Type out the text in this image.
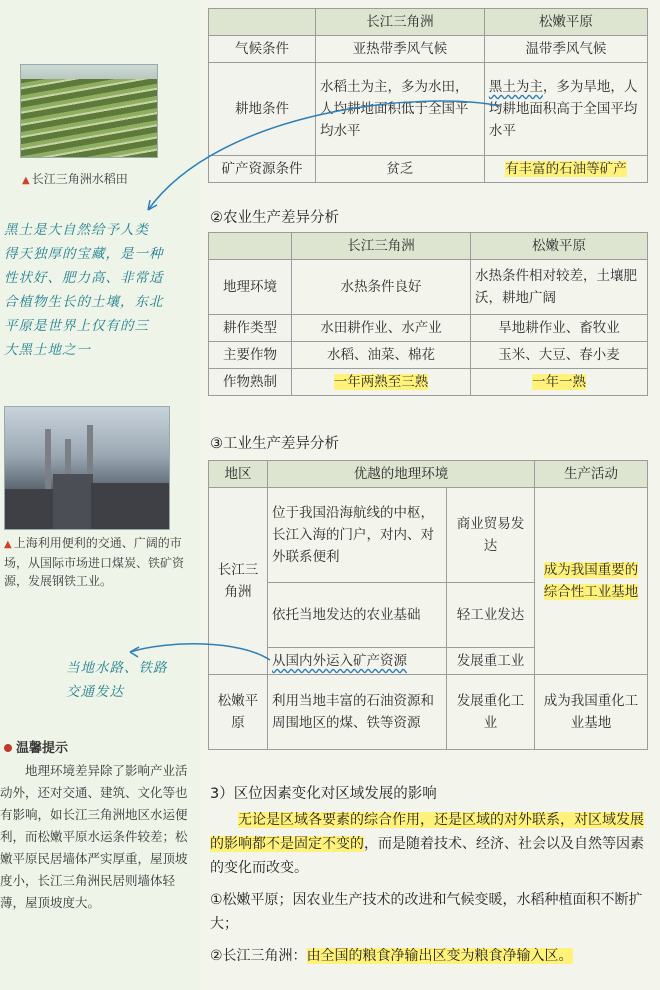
▲ 长江三角洲水稻田
黑土是大自然给予人类
得天独厚的宝藏，是一种
性状好、肥力高、非常适
合植物生长的土壤，东北
平原是世界上仅有的三
大黑土地之一
▲ 上海利用便利的交通、广阔的市场，从国际市场进口煤炭、铁矿资源，发展钢铁工业。
当地水路、铁路
交通发达
温馨提示
地理环境差异除了影响产业活动外，还对交通、建筑、文化等也有影响，如长江三角洲地区水运便利，而松嫩平原水运条件较差；松嫩平原民居墙体严实厚重，屋顶坡度小，长江三角洲民居则墙体轻薄，屋顶坡度大。
	长江三角洲	松嫩平原
气候条件	亚热带季风气候	温带季风气候
耕地条件	水稻土为主，多为水田，人均耕地面积低于全国平均水平	黑土为主，多为旱地，人均耕地面积高于全国平均水平
矿产资源条件	贫乏	有丰富的石油等矿产
②农业生产差异分析
	长江三角洲	松嫩平原
地理环境	水热条件良好	水热条件相对较差，土壤肥沃，耕地广阔
耕作类型	水田耕作业、水产业	旱地耕作业、畜牧业
主要作物	水稻、油菜、棉花	玉米、大豆、春小麦
作物熟制	一年两熟至三熟	一年一熟
③工业生产差异分析
地区	优越的地理环境		生产活动
长江三角洲	位于我国沿海航线的中枢，长江入海的门户，对内、对外联系便利	商业贸易发达	成为我国重要的综合性工业基地
	依托当地发达的农业基础	轻工业发达	
	从国内外运入矿产资源	发展重工业	
松嫩平原	利用当地丰富的石油资源和周围地区的煤、铁等资源	发展重化工业	成为我国重化工业基地
3）区位因素变化对区域发展的影响
无论是区域各要素的综合作用，还是区域的对外联系，对区域发展的影响都不是固定不变的，而是随着技术、经济、社会以及自然等因素的变化而改变。
①松嫩平原；因农业生产技术的改进和气候变暖，水稻种植面积不断扩大；
②长江三角洲：由全国的粮食净输出区变为粮食净输入区。
